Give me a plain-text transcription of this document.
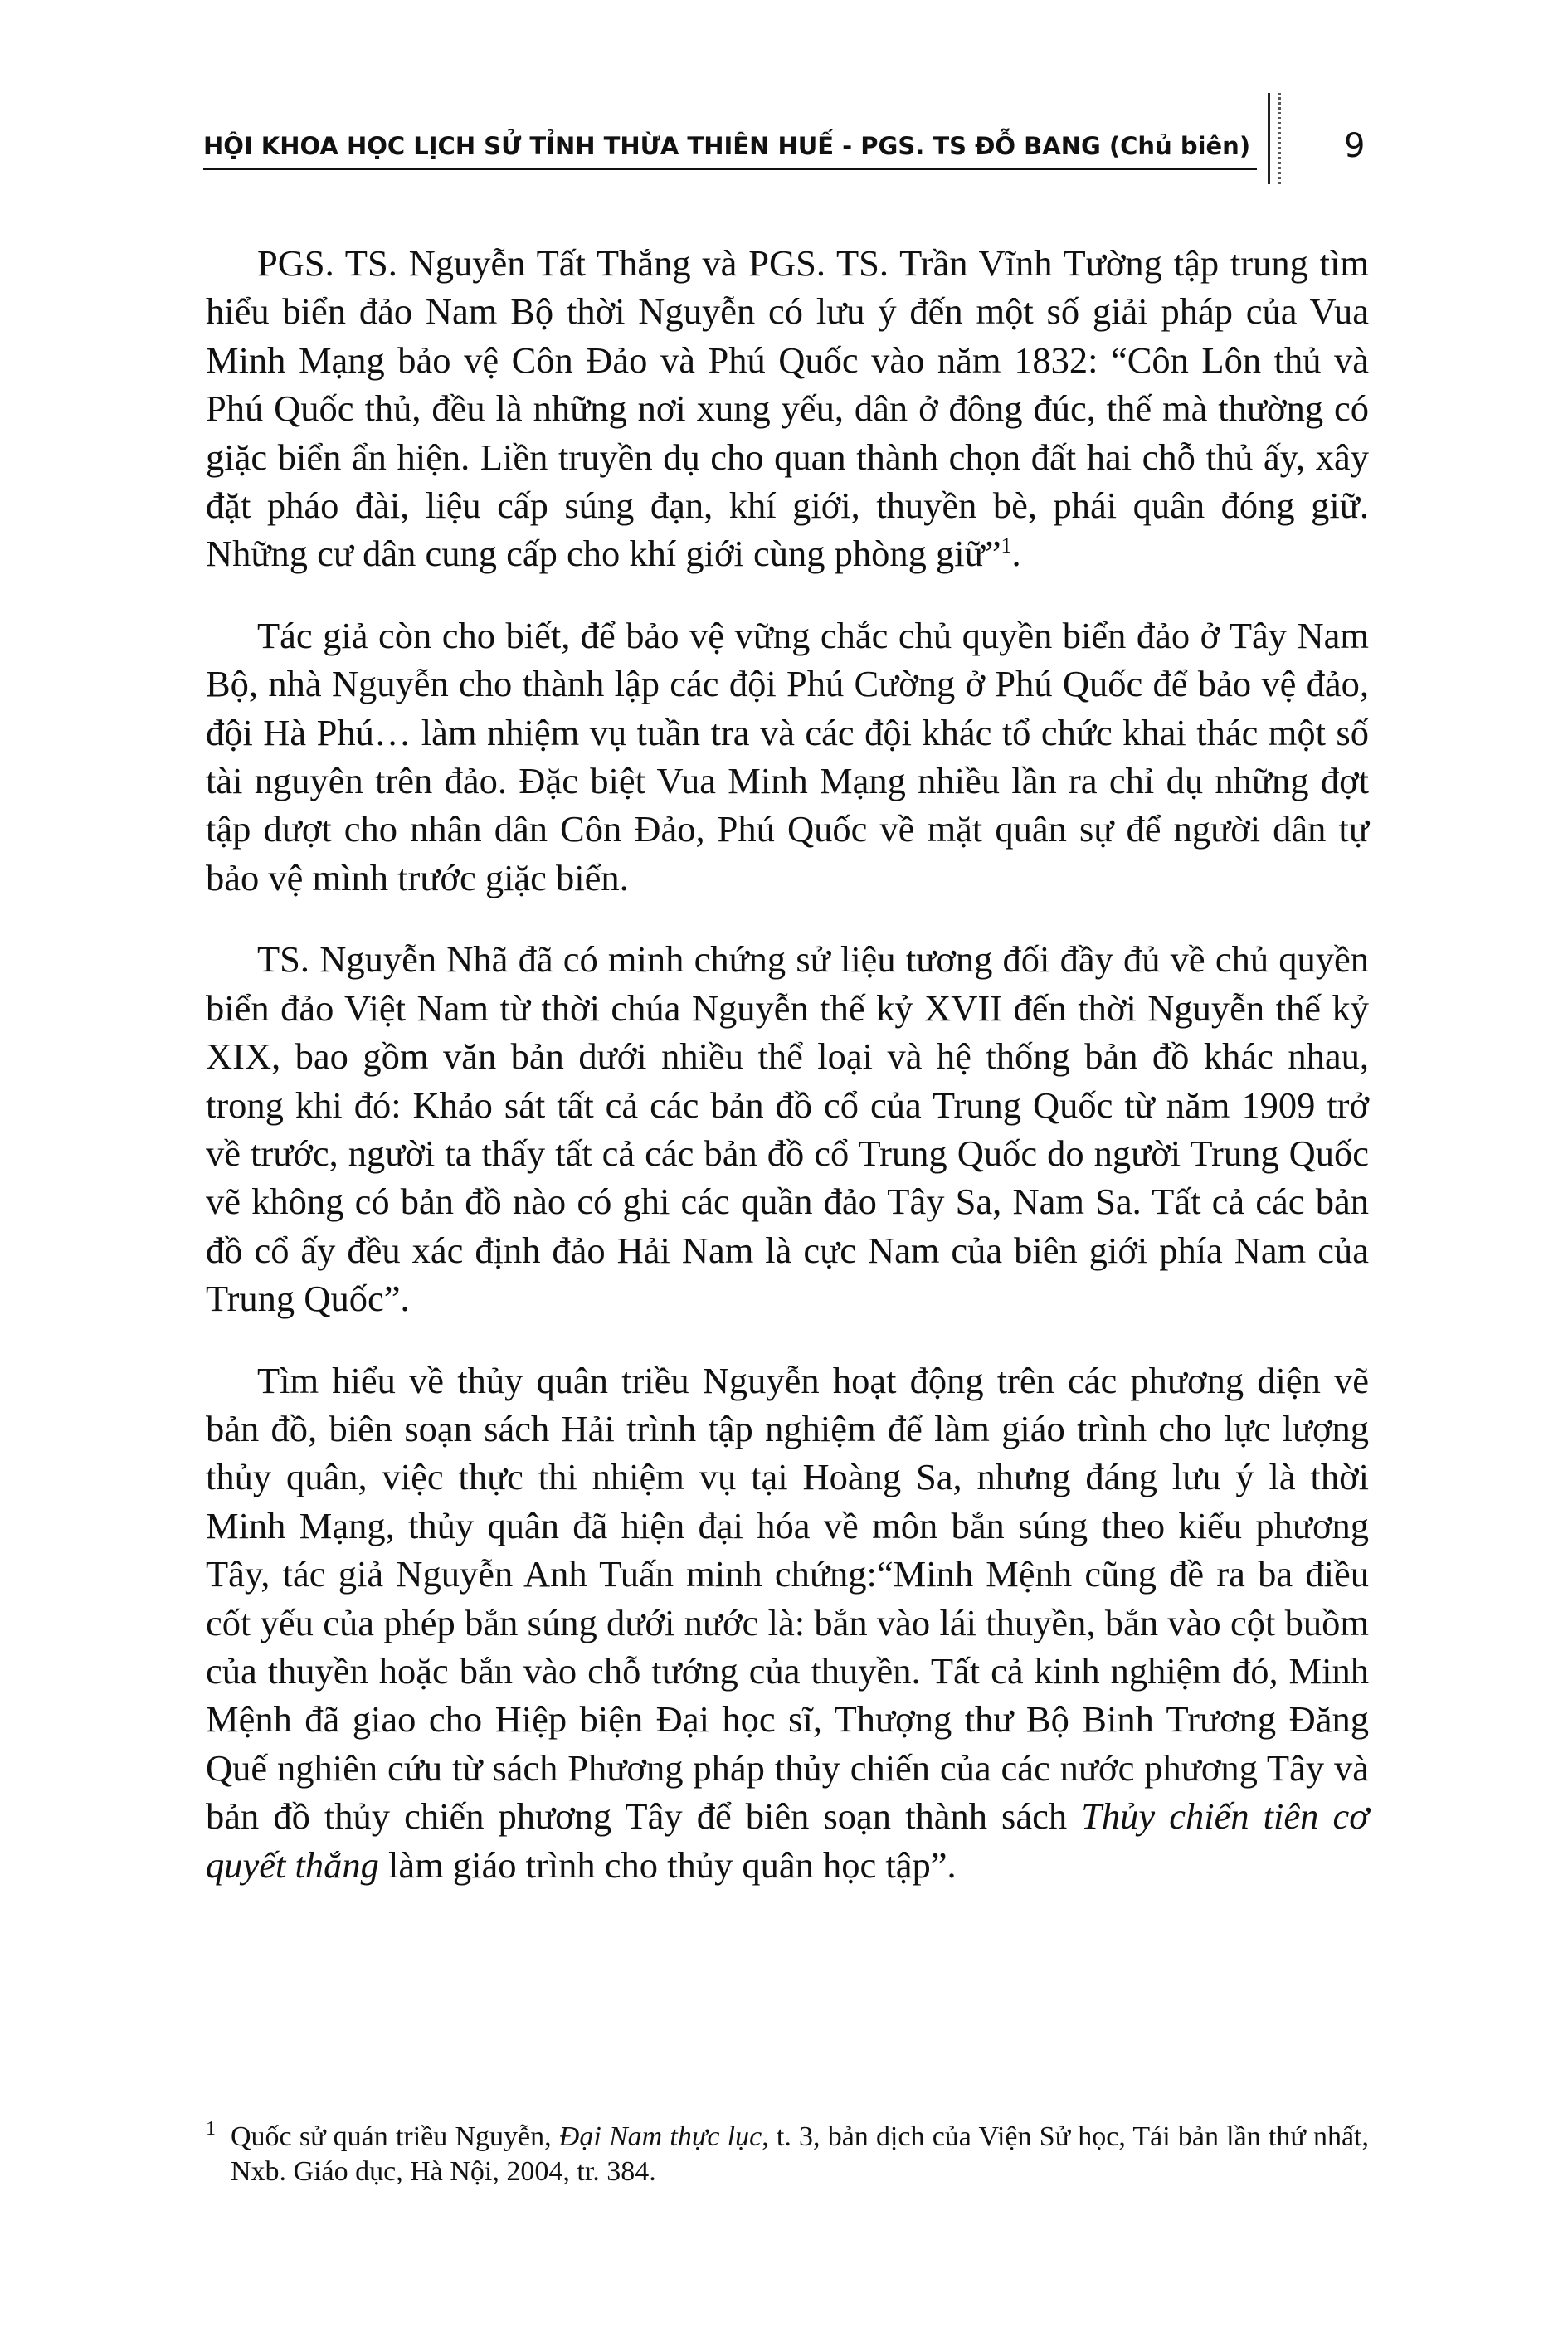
HỘI KHOA HỌC LỊCH SỬ TỈNH THỪA THIÊN HUẾ - PGS. TS ĐỖ BANG (Chủ biên)	9

PGS. TS. Nguyễn Tất Thắng và PGS. TS. Trần Vĩnh Tường tập trung tìm hiểu biển đảo Nam Bộ thời Nguyễn có lưu ý đến một số giải pháp của Vua Minh Mạng bảo vệ Côn Đảo và Phú Quốc vào năm 1832: “Côn Lôn thủ và Phú Quốc thủ, đều là những nơi xung yếu, dân ở đông đúc, thế mà thường có giặc biển ẩn hiện. Liền truyền dụ cho quan thành chọn đất hai chỗ thủ ấy, xây đặt pháo đài, liệu cấp súng đạn, khí giới, thuyền bè, phái quân đóng giữ. Những cư dân cung cấp cho khí giới cùng phòng giữ”$^1$.

Tác giả còn cho biết, để bảo vệ vững chắc chủ quyền biển đảo ở Tây Nam Bộ, nhà Nguyễn cho thành lập các đội Phú Cường ở Phú Quốc để bảo vệ đảo, đội Hà Phú… làm nhiệm vụ tuần tra và các đội khác tổ chức khai thác một số tài nguyên trên đảo. Đặc biệt Vua Minh Mạng nhiều lần ra chỉ dụ những đợt tập dượt cho nhân dân Côn Đảo, Phú Quốc về mặt quân sự để người dân tự bảo vệ mình trước giặc biển.

TS. Nguyễn Nhã đã có minh chứng sử liệu tương đối đầy đủ về chủ quyền biển đảo Việt Nam từ thời chúa Nguyễn thế kỷ XVII đến thời Nguyễn thế kỷ XIX, bao gồm văn bản dưới nhiều thể loại và hệ thống bản đồ khác nhau, trong khi đó: Khảo sát tất cả các bản đồ cổ của Trung Quốc từ năm 1909 trở về trước, người ta thấy tất cả các bản đồ cổ Trung Quốc do người Trung Quốc vẽ không có bản đồ nào có ghi các quần đảo Tây Sa, Nam Sa. Tất cả các bản đồ cổ ấy đều xác định đảo Hải Nam là cực Nam của biên giới phía Nam của Trung Quốc”.

Tìm hiểu về thủy quân triều Nguyễn hoạt động trên các phương diện vẽ bản đồ, biên soạn sách Hải trình tập nghiệm để làm giáo trình cho lực lượng thủy quân, việc thực thi nhiệm vụ tại Hoàng Sa, nhưng đáng lưu ý là thời Minh Mạng, thủy quân đã hiện đại hóa về môn bắn súng theo kiểu phương Tây, tác giả Nguyễn Anh Tuấn minh chứng:“Minh Mệnh cũng đề ra ba điều cốt yếu của phép bắn súng dưới nước là: bắn vào lái thuyền, bắn vào cột buồm của thuyền hoặc bắn vào chỗ tướng của thuyền. Tất cả kinh nghiệm đó, Minh Mệnh đã giao cho Hiệp biện Đại học sĩ, Thượng thư Bộ Binh Trương Đăng Quế nghiên cứu từ sách Phương pháp thủy chiến của các nước phương Tây và bản đồ thủy chiến phương Tây để biên soạn thành sách Thủy chiến tiên cơ quyết thắng làm giáo trình cho thủy quân học tập”.

1 Quốc sử quán triều Nguyễn, Đại Nam thực lục, t. 3, bản dịch của Viện Sử học, Tái bản lần thứ nhất, Nxb. Giáo dục, Hà Nội, 2004, tr. 384.
